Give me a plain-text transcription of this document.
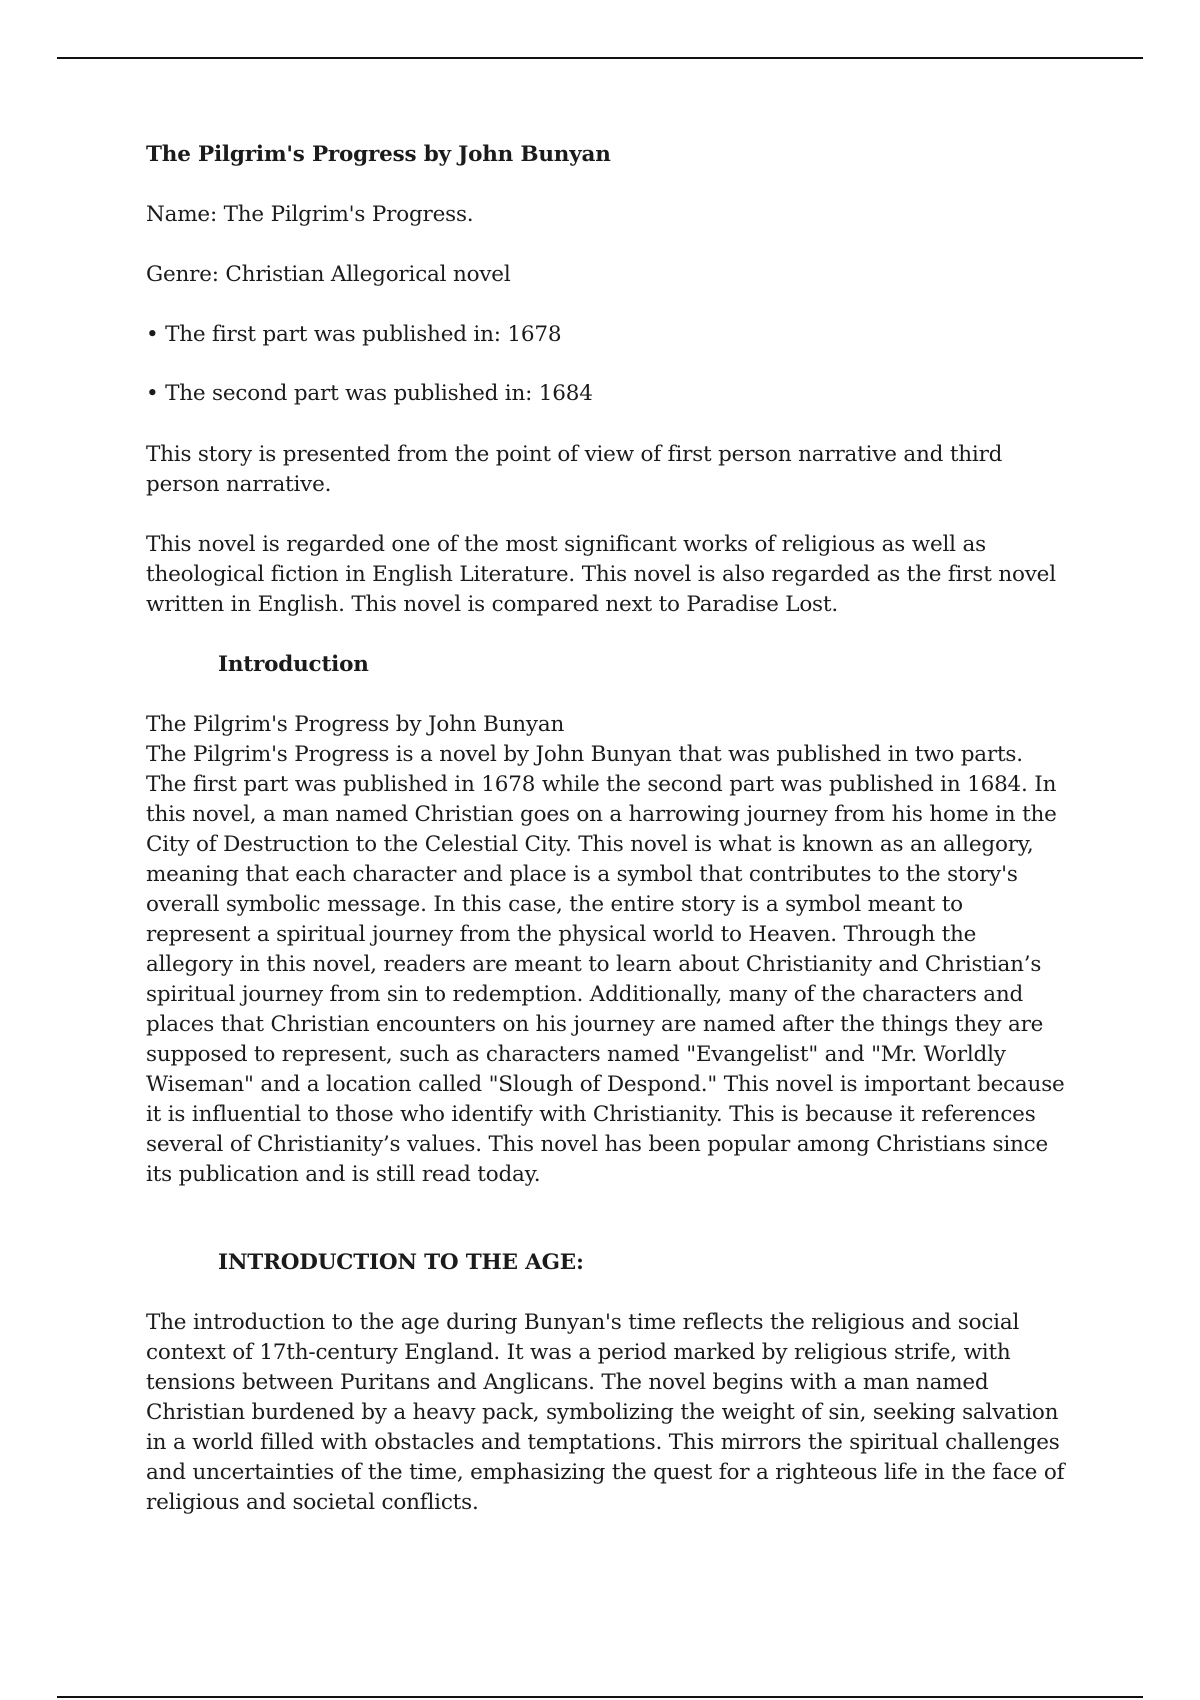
The Pilgrim's Progress by John Bunyan

Name: The Pilgrim's Progress.

Genre: Christian Allegorical novel

• The first part was published in: 1678

• The second part was published in: 1684

This story is presented from the point of view of first person narrative and third person narrative.

This novel is regarded one of the most significant works of religious as well as theological fiction in English Literature. This novel is also regarded as the first novel written in English. This novel is compared next to Paradise Lost.

Introduction

The Pilgrim's Progress by John Bunyan
The Pilgrim's Progress is a novel by John Bunyan that was published in two parts. The first part was published in 1678 while the second part was published in 1684. In this novel, a man named Christian goes on a harrowing journey from his home in the City of Destruction to the Celestial City. This novel is what is known as an allegory, meaning that each character and place is a symbol that contributes to the story's overall symbolic message. In this case, the entire story is a symbol meant to represent a spiritual journey from the physical world to Heaven. Through the allegory in this novel, readers are meant to learn about Christianity and Christian’s spiritual journey from sin to redemption. Additionally, many of the characters and places that Christian encounters on his journey are named after the things they are supposed to represent, such as characters named "Evangelist" and "Mr. Worldly Wiseman" and a location called "Slough of Despond." This novel is important because it is influential to those who identify with Christianity. This is because it references several of Christianity’s values. This novel has been popular among Christians since its publication and is still read today.

INTRODUCTION TO THE AGE:

The introduction to the age during Bunyan's time reflects the religious and social context of 17th-century England. It was a period marked by religious strife, with tensions between Puritans and Anglicans. The novel begins with a man named Christian burdened by a heavy pack, symbolizing the weight of sin, seeking salvation in a world filled with obstacles and temptations. This mirrors the spiritual challenges and uncertainties of the time, emphasizing the quest for a righteous life in the face of religious and societal conflicts.
